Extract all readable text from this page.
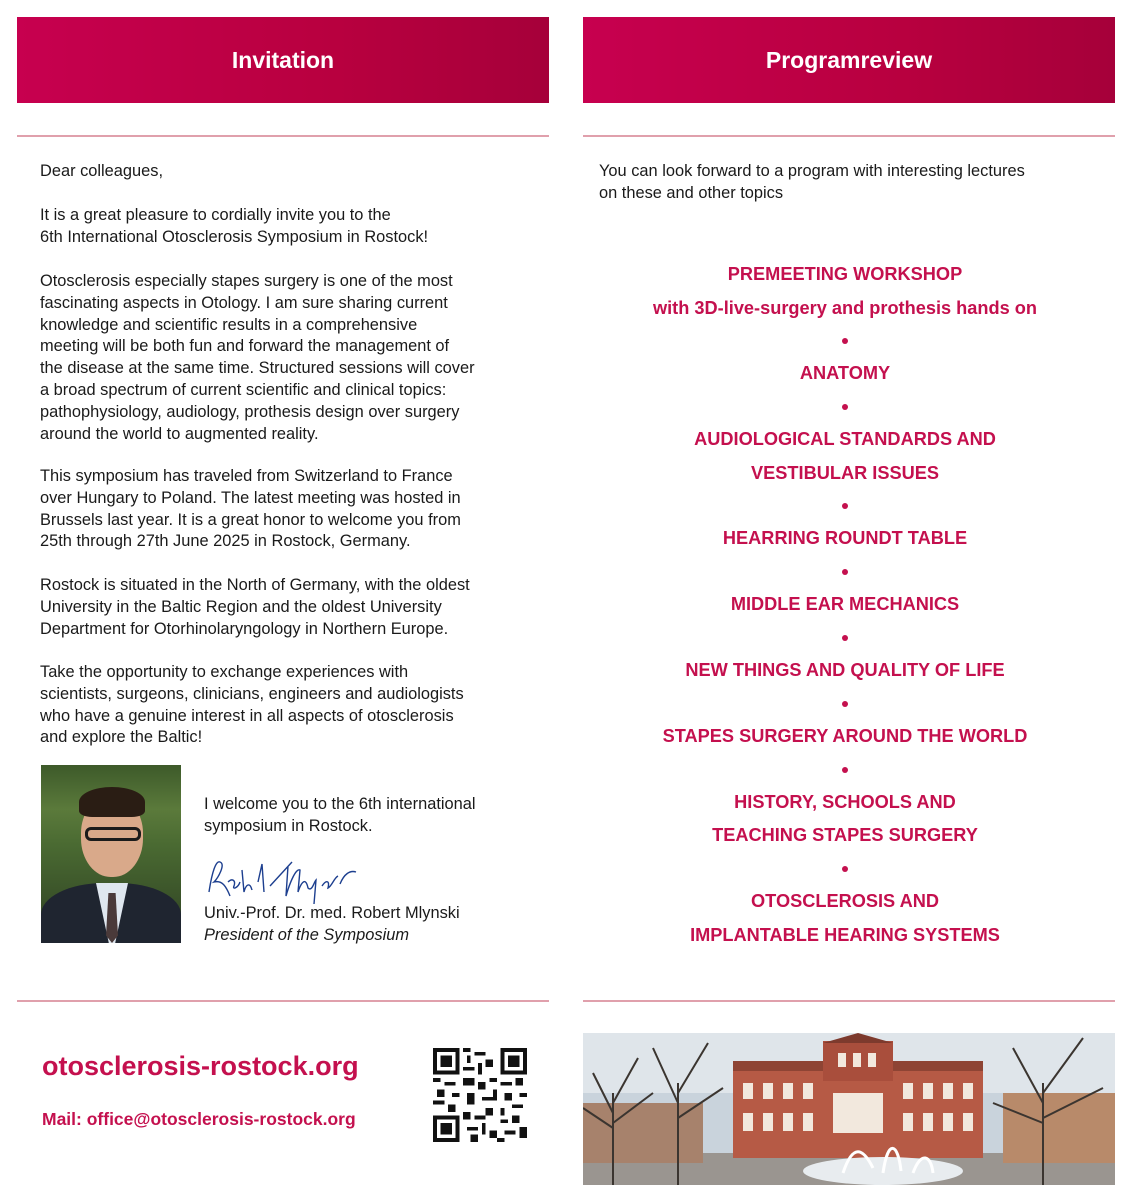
Invitation	Programreview
Dear colleagues,
It is a great pleasure to cordially invite you to the
6th International Otosclerosis Symposium in Rostock!
Otosclerosis especially stapes surgery is one of the most
fascinating aspects in Otology. I am sure sharing current
knowledge and scientific results in a comprehensive
meeting will be both fun and forward the management of
the disease at the same time. Structured sessions will cover
a broad spectrum of current scientific and clinical topics:
pathophysiology, audiology, prothesis design over surgery
around the world to augmented reality.
This symposium has traveled from Switzerland to France
over Hungary to Poland. The latest meeting was hosted in
Brussels last year. It is a great honor to welcome you from
25th through 27th June 2025 in Rostock, Germany.
Rostock is situated in the North of Germany, with the oldest
University in the Baltic Region and the oldest University
Department for Otorhinolaryngology in Northern Europe.
Take the opportunity to exchange experiences with
scientists, surgeons, clinicians, engineers and audiologists
who have a genuine interest in all aspects of otosclerosis
and explore the Baltic!
I welcome you to the 6th international
symposium in Rostock.
Univ.-Prof. Dr. med. Robert Mlynski
President of the Symposium
You can look forward to a program with interesting lectures
on these and other topics
PREMEETING WORKSHOP
with 3D-live-surgery and prothesis hands on
ANATOMY
AUDIOLOGICAL STANDARDS AND
VESTIBULAR ISSUES
HEARRING ROUNDT TABLE
MIDDLE EAR MECHANICS
NEW THINGS AND QUALITY OF LIFE
STAPES SURGERY AROUND THE WORLD
HISTORY, SCHOOLS AND
TEACHING STAPES SURGERY
OTOSCLEROSIS AND
IMPLANTABLE HEARING SYSTEMS
otosclerosis-rostock.org
Mail: office@otosclerosis-rostock.org
